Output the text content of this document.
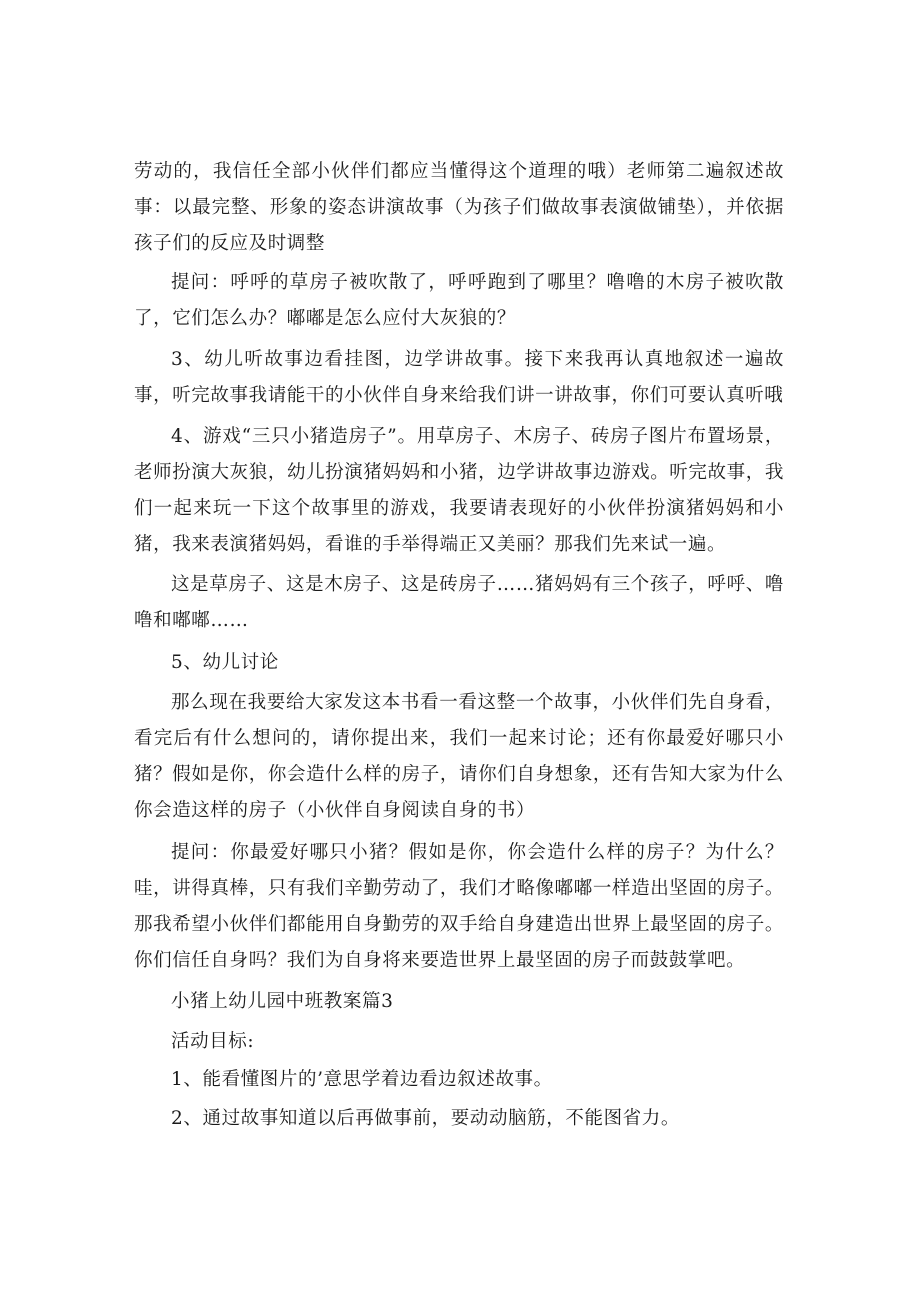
劳动的，我信任全部小伙伴们都应当懂得这个道理的哦）老师第二遍叙述故事：以最完整、形象的姿态讲演故事（为孩子们做故事表演做铺垫），并依据孩子们的反应及时调整

提问：呼呼的草房子被吹散了，呼呼跑到了哪里？噜噜的木房子被吹散了，它们怎么办？嘟嘟是怎么应付大灰狼的？

3、幼儿听故事边看挂图，边学讲故事。接下来我再认真地叙述一遍故事，听完故事我请能干的小伙伴自身来给我们讲一讲故事，你们可要认真听哦

4、游戏“三只小猪造房子”。用草房子、木房子、砖房子图片布置场景，老师扮演大灰狼，幼儿扮演猪妈妈和小猪，边学讲故事边游戏。听完故事，我们一起来玩一下这个故事里的游戏，我要请表现好的小伙伴扮演猪妈妈和小猪，我来表演猪妈妈，看谁的手举得端正又美丽？那我们先来试一遍。

这是草房子、这是木房子、这是砖房子……猪妈妈有三个孩子，呼呼、噜噜和嘟嘟……

5、幼儿讨论

那么现在我要给大家发这本书看一看这整一个故事，小伙伴们先自身看，看完后有什么想问的，请你提出来，我们一起来讨论；还有你最爱好哪只小猪？假如是你，你会造什么样的房子，请你们自身想象，还有告知大家为什么你会造这样的房子（小伙伴自身阅读自身的书）

提问：你最爱好哪只小猪？假如是你，你会造什么样的房子？为什么？哇，讲得真棒，只有我们辛勤劳动了，我们才略像嘟嘟一样造出坚固的房子。那我希望小伙伴们都能用自身勤劳的双手给自身建造出世界上最坚固的房子。你们信任自身吗？我们为自身将来要造世界上最坚固的房子而鼓鼓掌吧。

小猪上幼儿园中班教案篇3

活动目标:

1、能看懂图片的’意思学着边看边叙述故事。

2、通过故事知道以后再做事前，要动动脑筋，不能图省力。
